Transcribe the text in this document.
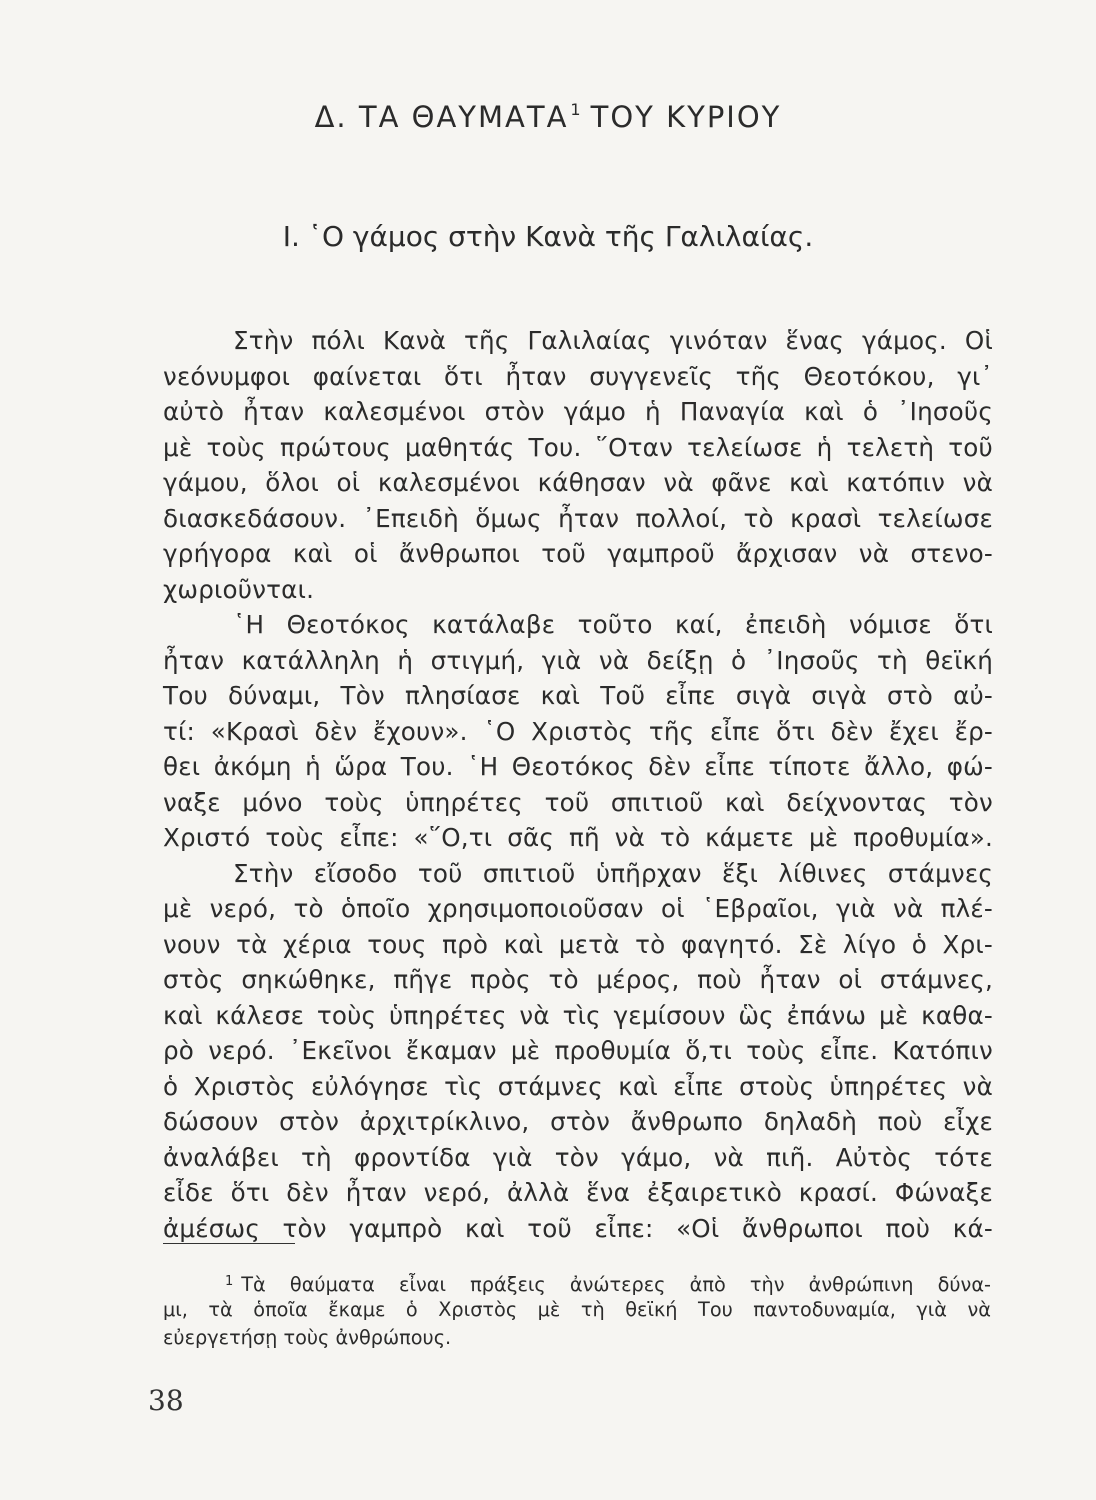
Δ. ΤΑ ΘΑΥΜΑΤΑ $^1$ ΤΟΥ ΚΥΡΙΟΥ
Ι. ῾Ο γάμος στὴν Κανὰ τῆς Γαλιλαίας.
Στὴν πόλι Κανὰ τῆς Γαλιλαίας γινόταν ἕνας γάμος. Οἱ
νεόνυμφοι φαίνεται ὅτι ἦταν συγγενεῖς τῆς Θεοτόκου, γι᾿
αὐτὸ ἦταν καλεσμένοι στὸν γάμο ἡ Παναγία καὶ ὁ ᾿Ιησοῦς
μὲ τοὺς πρώτους μαθητάς Του. ῞Οταν τελείωσε ἡ τελετὴ τοῦ
γάμου, ὅλοι οἱ καλεσμένοι κάθησαν νὰ φᾶνε καὶ κατόπιν νὰ
διασκεδάσουν. ᾿Επειδὴ ὅμως ἦταν πολλοί, τὸ κρασὶ τελείωσε
γρήγορα καὶ οἱ ἄνθρωποι τοῦ γαμπροῦ ἄρχισαν νὰ στενο-
χωριοῦνται.
῾Η Θεοτόκος κατάλαβε τοῦτο καί, ἐπειδὴ νόμισε ὅτι
ἦταν κατάλληλη ἡ στιγμή, γιὰ νὰ δείξῃ ὁ ᾿Ιησοῦς τὴ θεϊκή
Του δύναμι, Τὸν πλησίασε καὶ Τοῦ εἶπε σιγὰ σιγὰ στὸ αὐ-
τί: «Κρασὶ δὲν ἔχουν». ῾Ο Χριστὸς τῆς εἶπε ὅτι δὲν ἔχει ἔρ-
θει ἀκόμη ἡ ὥρα Του. ῾Η Θεοτόκος δὲν εἶπε τίποτε ἄλλο, φώ-
ναξε μόνο τοὺς ὑπηρέτες τοῦ σπιτιοῦ καὶ δείχνοντας τὸν
Χριστό τοὺς εἶπε: «῞Ο,τι σᾶς πῆ νὰ τὸ κάμετε μὲ προθυμία».
Στὴν εἴσοδο τοῦ σπιτιοῦ ὑπῆρχαν ἕξι λίθινες στάμνες
μὲ νερό, τὸ ὁποῖο χρησιμοποιοῦσαν οἱ ῾Εβραῖοι, γιὰ νὰ πλέ-
νουν τὰ χέρια τους πρὸ καὶ μετὰ τὸ φαγητό. Σὲ λίγο ὁ Χρι-
στὸς σηκώθηκε, πῆγε πρὸς τὸ μέρος, ποὺ ἦταν οἱ στάμνες,
καὶ κάλεσε τοὺς ὑπηρέτες νὰ τὶς γεμίσουν ὣς ἐπάνω μὲ καθα-
ρὸ νερό. ᾿Εκεῖνοι ἔκαμαν μὲ προθυμία ὅ,τι τοὺς εἶπε. Κατόπιν
ὁ Χριστὸς εὐλόγησε τὶς στάμνες καὶ εἶπε στοὺς ὑπηρέτες νὰ
δώσουν στὸν ἀρχιτρίκλινο, στὸν ἄνθρωπο δηλαδὴ ποὺ εἶχε
ἀναλάβει τὴ φροντίδα γιὰ τὸν γάμο, νὰ πιῆ. Αὐτὸς τότε
εἶδε ὅτι δὲν ἦταν νερό, ἀλλὰ ἕνα ἐξαιρετικὸ κρασί. Φώναξε
ἀμέσως τὸν γαμπρὸ καὶ τοῦ εἶπε: «Οἱ ἄνθρωποι ποὺ κά-
$^1$ Τὰ θαύματα εἶναι πράξεις ἀνώτερες ἀπὸ τὴν ἀνθρώπινη δύνα-
μι, τὰ ὁποῖα ἔκαμε ὁ Χριστὸς μὲ τὴ θεϊκή Του παντοδυναμία, γιὰ νὰ
εὐεργετήσῃ τοὺς ἀνθρώπους.

38
